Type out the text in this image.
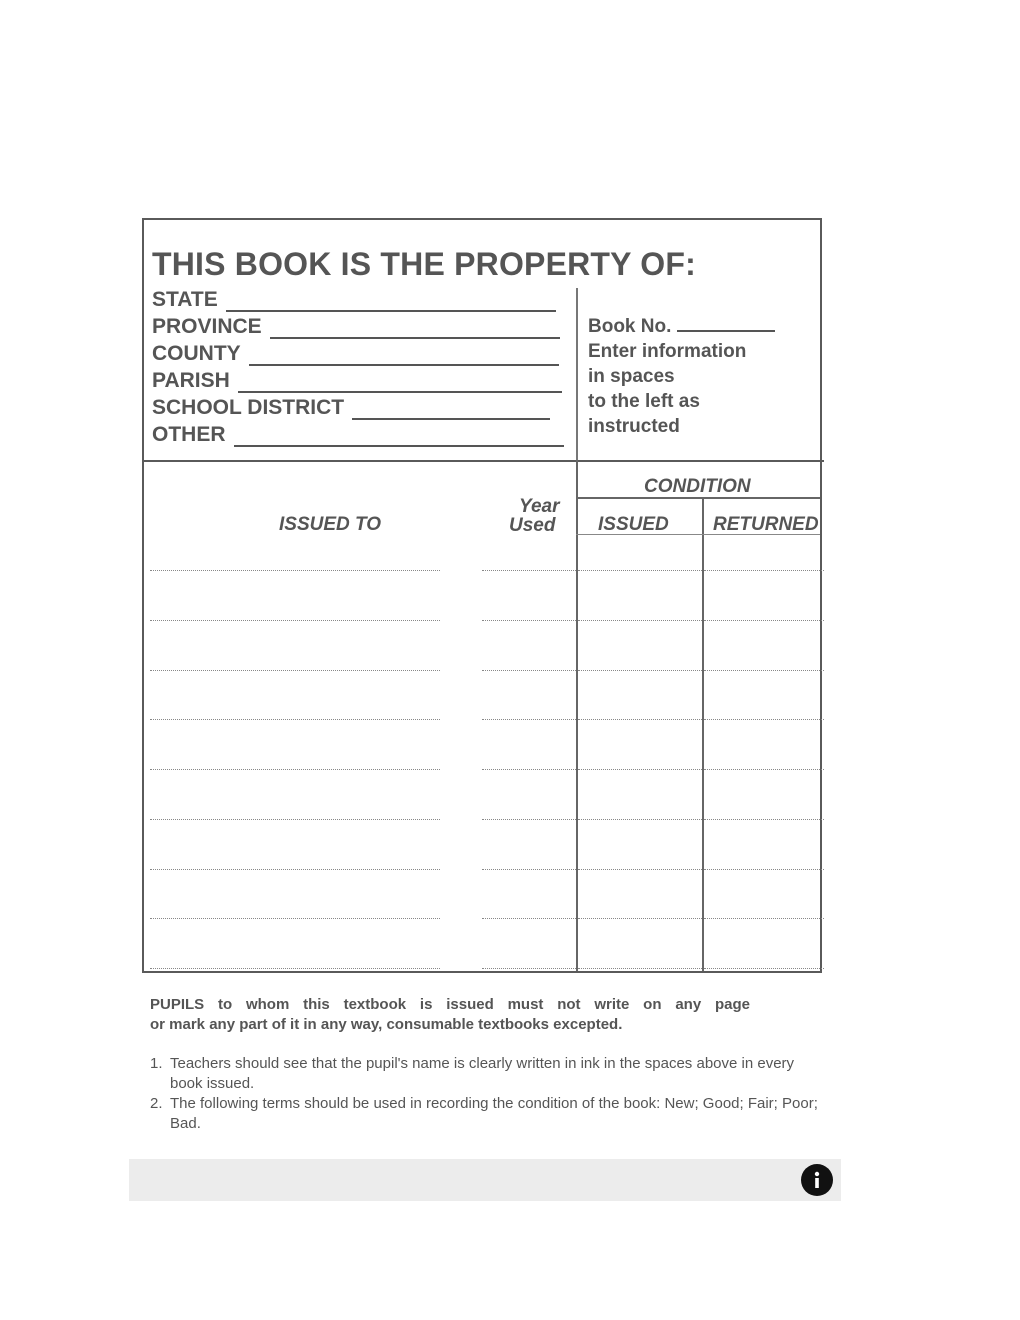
THIS BOOK IS THE PROPERTY OF:
STATE
PROVINCE
COUNTY
PARISH
SCHOOL DISTRICT
OTHER
Book No.
Enter information
in spaces
to the left as
instructed
ISSUED TO
Year
Used
CONDITION
ISSUED RETURNED

PUPILS to whom this textbook is issued must not write on any page
or mark any part of it in any way, consumable textbooks excepted.

1. Teachers should see that the pupil's name is clearly written in ink in the spaces above in every book issued.
2. The following terms should be used in recording the condition of the book: New; Good; Fair; Poor; Bad.
